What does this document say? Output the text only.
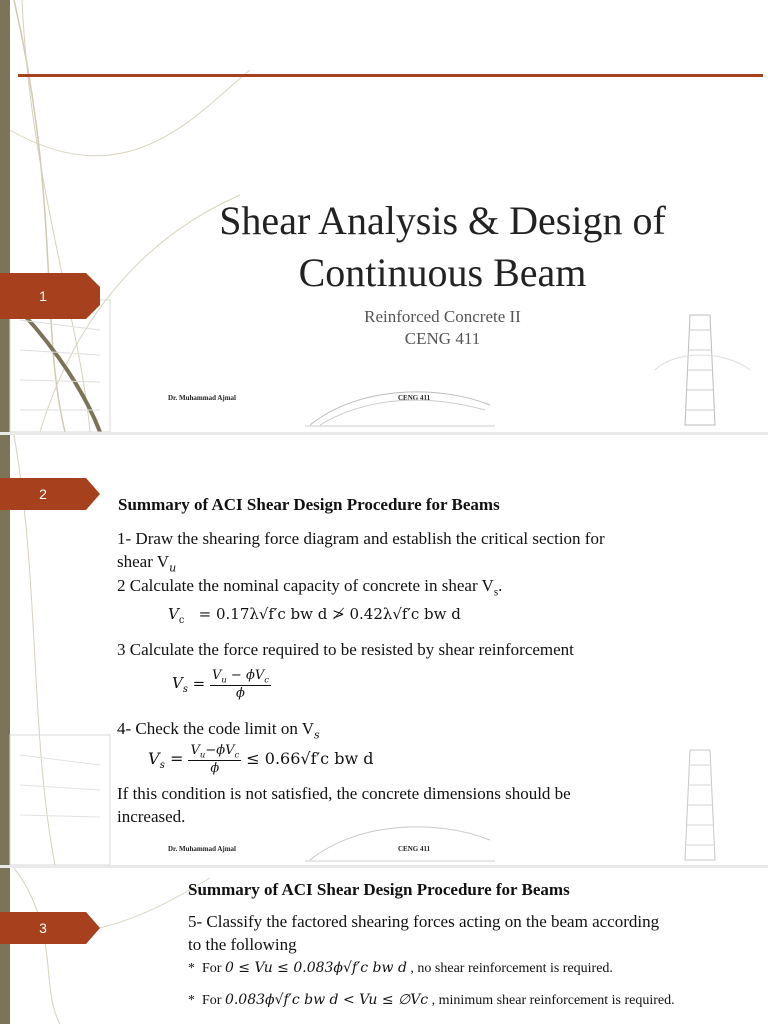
1
Shear Analysis & Design of
Continuous Beam
Reinforced Concrete II
CENG 411
Dr. Muhammad Ajmal	CENG 411
2
Summary of ACI Shear Design Procedure for Beams
1- Draw the shearing force diagram and establish the critical section for
shear $V_u$
2 Calculate the nominal capacity of concrete in shear $V_s$.
$V_c = 0.17\lambda√f'c$ bw d ≯ 0.42λ√f′c bw d
3 Calculate the force required to be resisted by shear reinforcement
$V_s = \frac{V_u - \phi V_c}{\phi}$
4- Check the code limit on $V_s$
$V_s = \frac{V_u-\phi V_c}{\phi} \le 0.66√f'c$ bw d
If this condition is not satisfied, the concrete dimensions should be
increased.
Dr. Muhammad Ajmal	CENG 411
3
Summary of ACI Shear Design Procedure for Beams
5- Classify the factored shearing forces acting on the beam according
to the following
*  For 0 ≤ Vu ≤ 0.083ϕ√f′c bw d , no shear reinforcement is required.
*  For 0.083ϕ√f′c bw d < Vu ≤ ∅Vc , minimum shear reinforcement is required.
